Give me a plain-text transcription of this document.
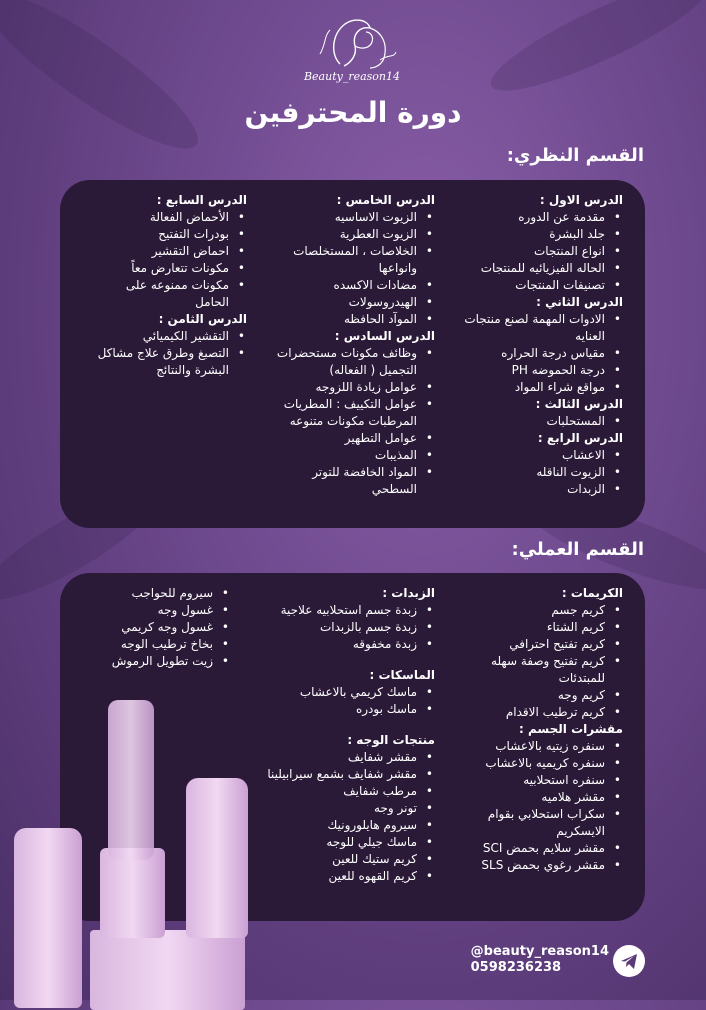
Beauty_reason14
دورة المحترفين
القسم النظري:
الدرس الاول :
• مقدمة عن الدوره
• جلد البشرة
• انواع المنتجات
• الحاله الفيزيائيه للمنتجات
• تصنيفات المنتجات
الدرس الثاني :
• الادوات المهمة لصنع منتجات العنايه
• مقياس درجة الحراره
• درجة الحموضه PH
• مواقع شراء المواد
الدرس الثالث :
• المستحلبات
الدرس الرابع :
• الاعشاب
• الزيوت الناقله
• الزبدات
الدرس الخامس :
• الزيوت الاساسيه
• الزيوت العطرية
• الخلاصات ، المستخلصات وانواعها
• مضادات الاكسده
• الهيدروسولات
• الموآد الحافظه
الدرس السادس :
• وظائف مكونات مستحضرات التجميل ( الفعاله)
• عوامل زيادة اللزوجه
• عوامل التكييف : المطريات المرطبات مكونات متنوعه
• عوامل التطهير
• المذيبات
• المواد الخافضة للتوتر السطحي
الدرس السابع :
• الأحماض الفعالة
• بودرات التفتيح
• احماض التقشير
• مكونات تتعارض معاً
• مكونات ممنوعه على الحامل
الدرس الثامن :
• التقشير الكيميائي
• التصبغ وطرق علاج مشاكل البشرة والنتائج
القسم العملي:
الكريمات :
• كريم جسم
• كريم الشتاء
• كريم تفتيح احترافي
• كريم تفتيح وصفة سهله للمبتدئات
• كريم وجه
• كريم ترطيب الاقدام
مقشرات الجسم :
• سنفره زيتيه بالاعشاب
• سنفره كريميه بالاعشاب
• سنفره استحلابيه
• مقشر هلاميه
• سكراب استحلابي بقوام الايسكريم
• مقشر سلايم بحمض SCI
• مقشر رغوي بحمض SLS
الزبدات :
• زبدة جسم استحلابيه علاجية
• زبدة جسم بالزبدات
• زبدة مخفوقه
الماسكات :
• ماسك كريمي بالاعشاب
• ماسك بودره
منتجات الوجه :
• مقشر شفايف
• مقشر شفايف بشمع سيرابيلينا
• مرطب شفايف
• تونر وجه
• سيروم هايلورونيك
• ماسك جيلي للوجه
• كريم ستيك للعين
• كريم القهوه للعين
• سيروم للحواجب
• غسول وجه
• غسول وجه كريمي
• بخاخ ترطيب الوجه
• زيت تطويل الرموش
@beauty_reason14
0598236238
